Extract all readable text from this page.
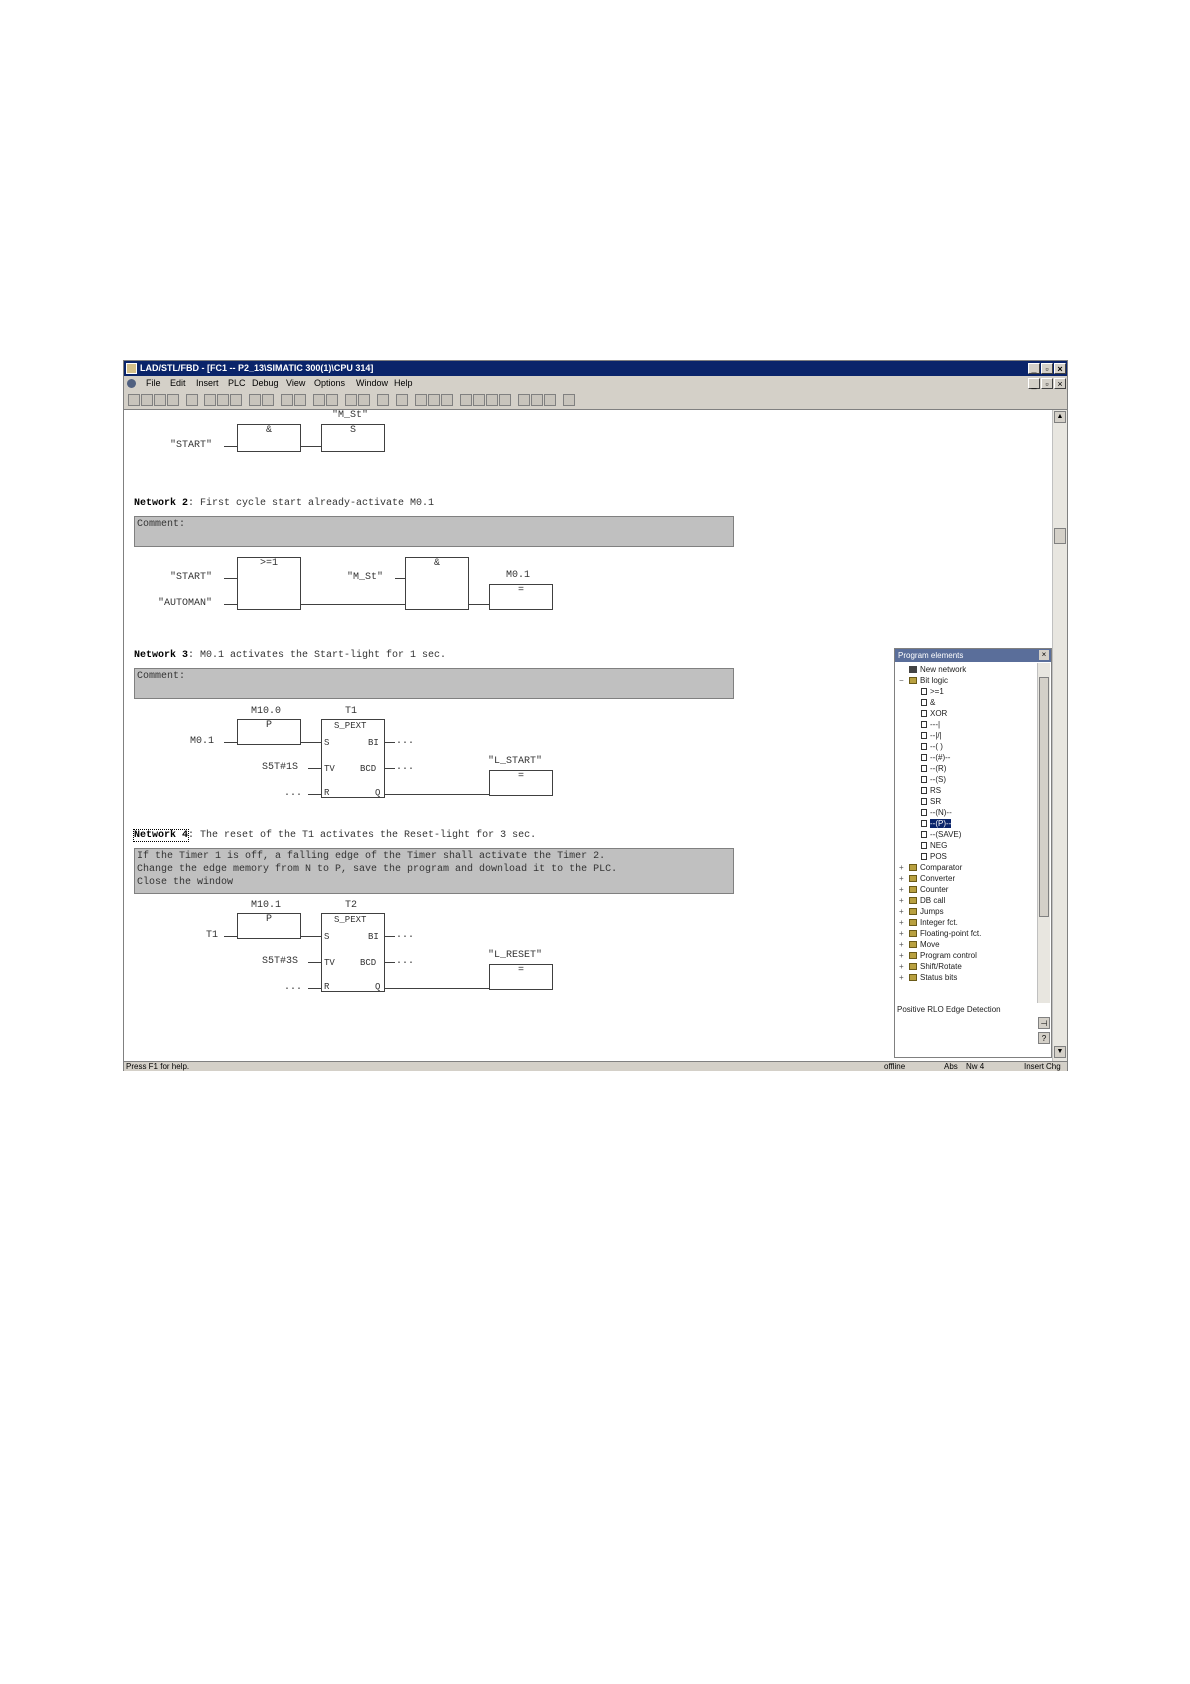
LAD/STL/FBD - [FC1 -- P2_13\SIMATIC 300(1)\CPU 314]	_ ▫ ×
File Edit Insert PLC Debug View Options Window Help	_ ▫ ×
"M_St"
"START"
&	S
Network 2: First cycle start already-activate M0.1
Comment:
>=1
"START"
"AUTOMAN"
"M_St"
&
M0.1
=
Network 3: M0.1 activates the Start-light for 1 sec.
Comment:
M10.0
P
M0.1
T1
S_PEXT
S
TV
R
BI
BCD
Q
S5T#1S
...
...
...
"L_START"
=
Network 4: The reset of the T1 activates the Reset-light for 3 sec.
If the Timer 1 is off, a falling edge of the Timer shall activate the Timer 2.
Change the edge memory from N to P, save the program and download it to the PLC.
Close the window
M10.1
P
T1
T2
S_PEXT
S
TV
R
BI
BCD
Q
S5T#3S
...
...
...
"L_RESET"
=
Program elements	×
New network
− Bit logic
>=1
&
XOR
---|
--|/|
--( )
--(#)--
--(R)
--(S)
RS
SR
--(N)--
--(P)--
--(SAVE)
NEG
POS
+ Comparator
+ Converter
+ Counter
+ DB call
+ Jumps
+ Integer fct.
+ Floating-point fct.
+ Move
+ Program control
+ Shift/Rotate
+ Status bits
Positive RLO Edge Detection
⊣
?
▲
▼
Press F1 for help.	offline	Abs Nw 4	Insert Chg
